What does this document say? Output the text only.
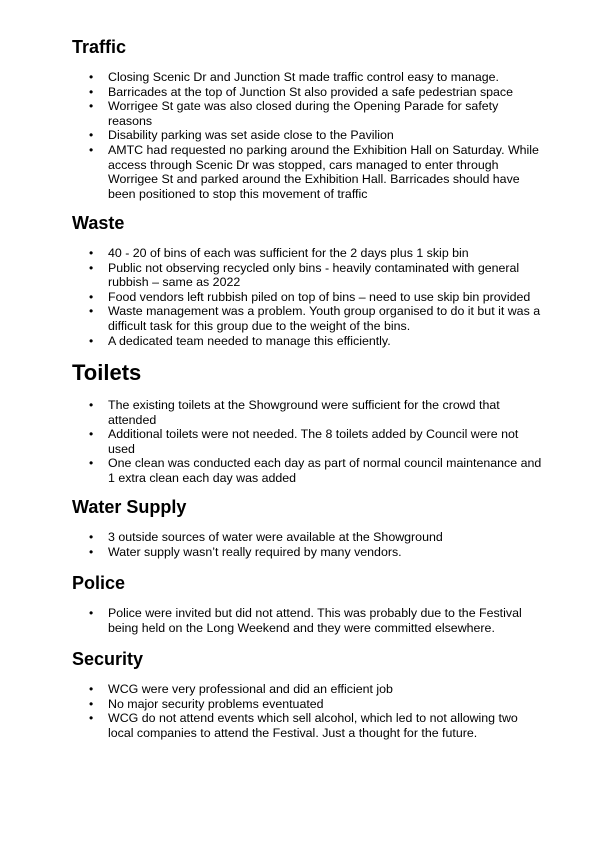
Traffic
• Closing Scenic Dr and Junction St made traffic control easy to manage.
• Barricades at the top of Junction St also provided a safe pedestrian space
• Worrigee St gate was also closed during the Opening Parade for safety reasons
• Disability parking was set aside close to the Pavilion
• AMTC had requested no parking around the Exhibition Hall on Saturday. While access through Scenic Dr was stopped, cars managed to enter through Worrigee St and parked around the Exhibition Hall. Barricades should have been positioned to stop this movement of traffic
Waste
• 40 - 20 of bins of each was sufficient for the 2 days plus 1 skip bin
• Public not observing recycled only bins - heavily contaminated with general rubbish – same as 2022
• Food vendors left rubbish piled on top of bins – need to use skip bin provided
• Waste management was a problem. Youth group organised to do it but it was a difficult task for this group due to the weight of the bins.
• A dedicated team needed to manage this efficiently.
Toilets
• The existing toilets at the Showground were sufficient for the crowd that attended
• Additional toilets were not needed. The 8 toilets added by Council were not used
• One clean was conducted each day as part of normal council maintenance and 1 extra clean each day was added
Water Supply
• 3 outside sources of water were available at the Showground
• Water supply wasn’t really required by many vendors.
Police
• Police were invited but did not attend. This was probably due to the Festival being held on the Long Weekend and they were committed elsewhere.
Security
• WCG were very professional and did an efficient job
• No major security problems eventuated
• WCG do not attend events which sell alcohol, which led to not allowing two local companies to attend the Festival. Just a thought for the future.
